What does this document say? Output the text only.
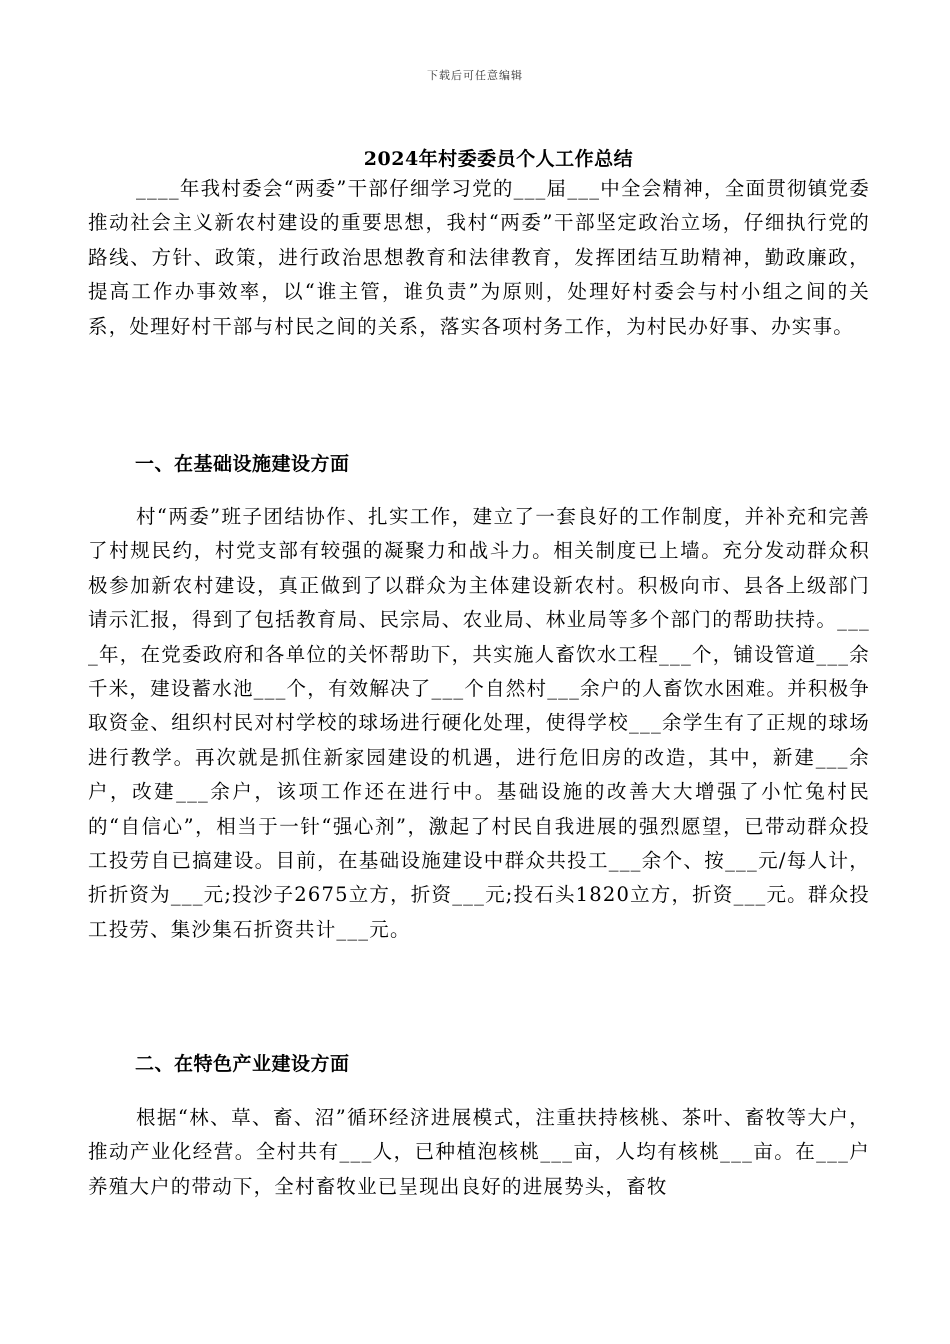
下载后可任意编辑
2024年村委委员个人工作总结
____年我村委会“两委”干部仔细学习党的___届___中全会精神，全面贯彻镇党委推动社会主义新农村建设的重要思想，我村“两委”干部坚定政治立场，仔细执行党的路线、方针、政策，进行政治思想教育和法律教育，发挥团结互助精神，勤政廉政，提高工作办事效率，以“谁主管，谁负责”为原则，处理好村委会与村小组之间的关系，处理好村干部与村民之间的关系，落实各项村务工作，为村民办好事、办实事。
一、在基础设施建设方面
村“两委”班子团结协作、扎实工作，建立了一套良好的工作制度，并补充和完善了村规民约，村党支部有较强的凝聚力和战斗力。相关制度已上墙。充分发动群众积极参加新农村建设，真正做到了以群众为主体建设新农村。积极向市、县各上级部门请示汇报，得到了包括教育局、民宗局、农业局、林业局等多个部门的帮助扶持。____年，在党委政府和各单位的关怀帮助下，共实施人畜饮水工程___个，铺设管道___余千米，建设蓄水池___个，有效解决了___个自然村___余户的人畜饮水困难。并积极争取资金、组织村民对村学校的球场进行硬化处理，使得学校___余学生有了正规的球场进行教学。再次就是抓住新家园建设的机遇，进行危旧房的改造，其中，新建___余户，改建___余户，该项工作还在进行中。基础设施的改善大大增强了小忙兔村民的“自信心”，相当于一针“强心剂”，激起了村民自我进展的强烈愿望，已带动群众投工投劳自已搞建设。目前，在基础设施建设中群众共投工___余个、按___元/每人计，折折资为___元;投沙子2675立方，折资___元;投石头1820立方，折资___元。群众投工投劳、集沙集石折资共计___元。
二、在特色产业建设方面
根据“林、草、畜、沼”循环经济进展模式，注重扶持核桃、茶叶、畜牧等大户，推动产业化经营。全村共有___人，已种植泡核桃___亩，人均有核桃___亩。在___户养殖大户的带动下，全村畜牧业已呈现出良好的进展势头，畜牧
